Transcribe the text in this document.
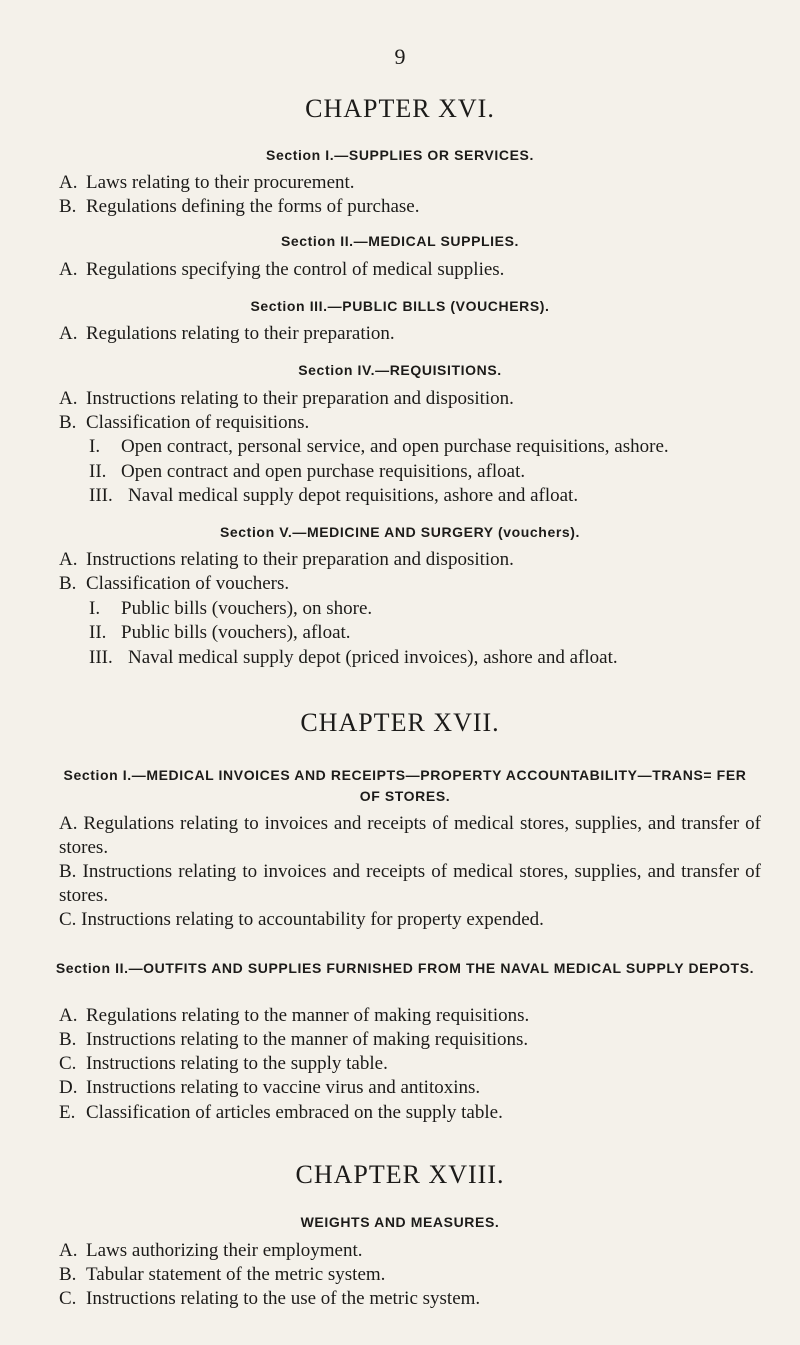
9
CHAPTER XVI.
Section I.—SUPPLIES OR SERVICES.
A. Laws relating to their procurement.
B. Regulations defining the forms of purchase.
Section II.—MEDICAL SUPPLIES.
A. Regulations specifying the control of medical supplies.
Section III.—PUBLIC BILLS (VOUCHERS).
A. Regulations relating to their preparation.
Section IV.—REQUISITIONS.
A. Instructions relating to their preparation and disposition.
B. Classification of requisitions.
I. Open contract, personal service, and open purchase requisitions, ashore.
II. Open contract and open purchase requisitions, afloat.
III. Naval medical supply depot requisitions, ashore and afloat.
Section V.—MEDICINE AND SURGERY (vouchers).
A. Instructions relating to their preparation and disposition.
B. Classification of vouchers.
I. Public bills (vouchers), on shore.
II. Public bills (vouchers), afloat.
III. Naval medical supply depot (priced invoices), ashore and afloat.
CHAPTER XVII.
Section I.—MEDICAL INVOICES AND RECEIPTS—PROPERTY ACCOUNTABILITY—TRANS= FER OF STORES.
A. Regulations relating to invoices and receipts of medical stores, supplies, and transfer of stores.
B. Instructions relating to invoices and receipts of medical stores, supplies, and transfer of stores.
C. Instructions relating to accountability for property expended.
Section II.—OUTFITS AND SUPPLIES FURNISHED FROM THE NAVAL MEDICAL SUPPLY DEPOTS.
A. Regulations relating to the manner of making requisitions.
B. Instructions relating to the manner of making requisitions.
C. Instructions relating to the supply table.
D. Instructions relating to vaccine virus and antitoxins.
E. Classification of articles embraced on the supply table.
CHAPTER XVIII.
WEIGHTS AND MEASURES.
A. Laws authorizing their employment.
B. Tabular statement of the metric system.
C. Instructions relating to the use of the metric system.
